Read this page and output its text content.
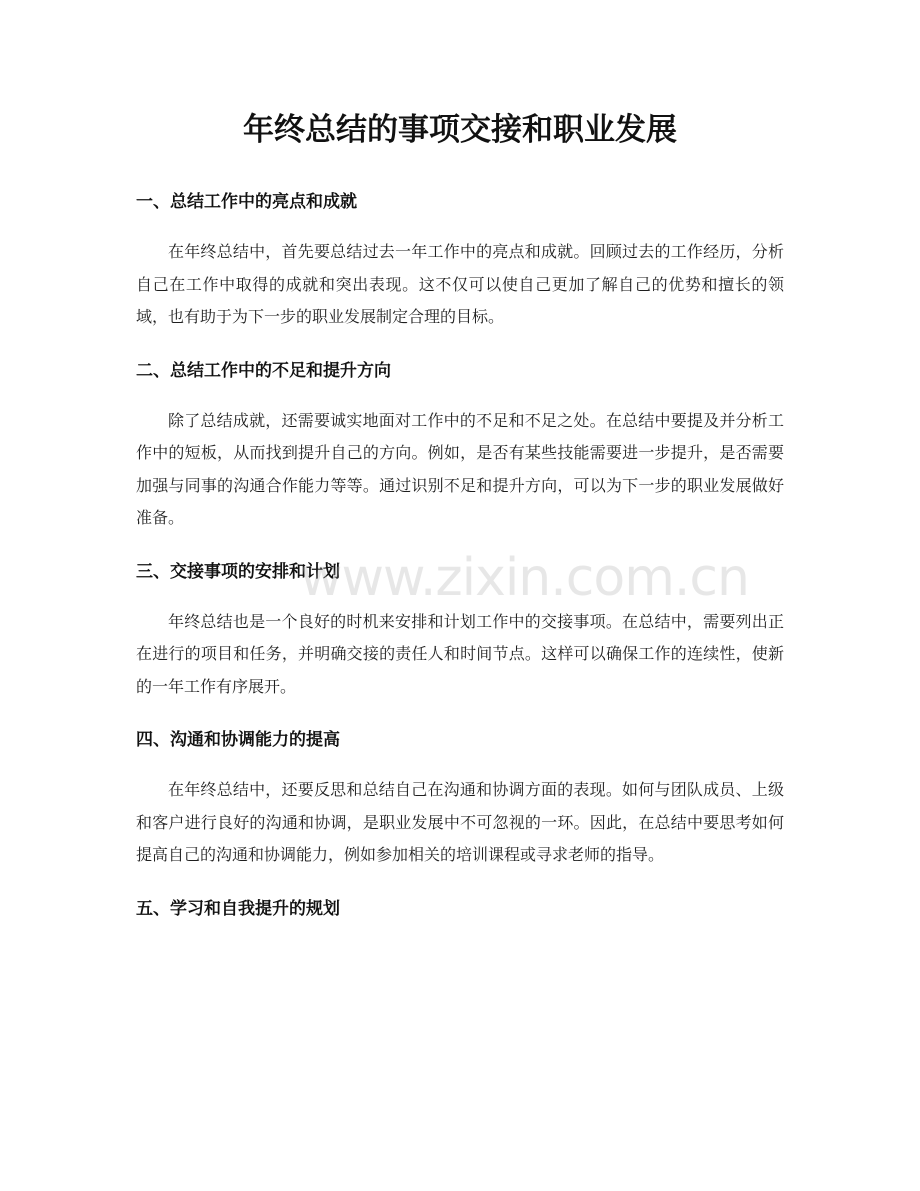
年终总结的事项交接和职业发展
一、总结工作中的亮点和成就

在年终总结中，首先要总结过去一年工作中的亮点和成就。回顾过去的工作经历，分析自己在工作中取得的成就和突出表现。这不仅可以使自己更加了解自己的优势和擅长的领域，也有助于为下一步的职业发展制定合理的目标。

二、总结工作中的不足和提升方向

除了总结成就，还需要诚实地面对工作中的不足和不足之处。在总结中要提及并分析工作中的短板，从而找到提升自己的方向。例如，是否有某些技能需要进一步提升，是否需要加强与同事的沟通合作能力等等。通过识别不足和提升方向，可以为下一步的职业发展做好准备。

三、交接事项的安排和计划

年终总结也是一个良好的时机来安排和计划工作中的交接事项。在总结中，需要列出正在进行的项目和任务，并明确交接的责任人和时间节点。这样可以确保工作的连续性，使新的一年工作有序展开。

四、沟通和协调能力的提高

在年终总结中，还要反思和总结自己在沟通和协调方面的表现。如何与团队成员、上级和客户进行良好的沟通和协调，是职业发展中不可忽视的一环。因此，在总结中要思考如何提高自己的沟通和协调能力，例如参加相关的培训课程或寻求老师的指导。

五、学习和自我提升的规划
www.zixin.com.cn
